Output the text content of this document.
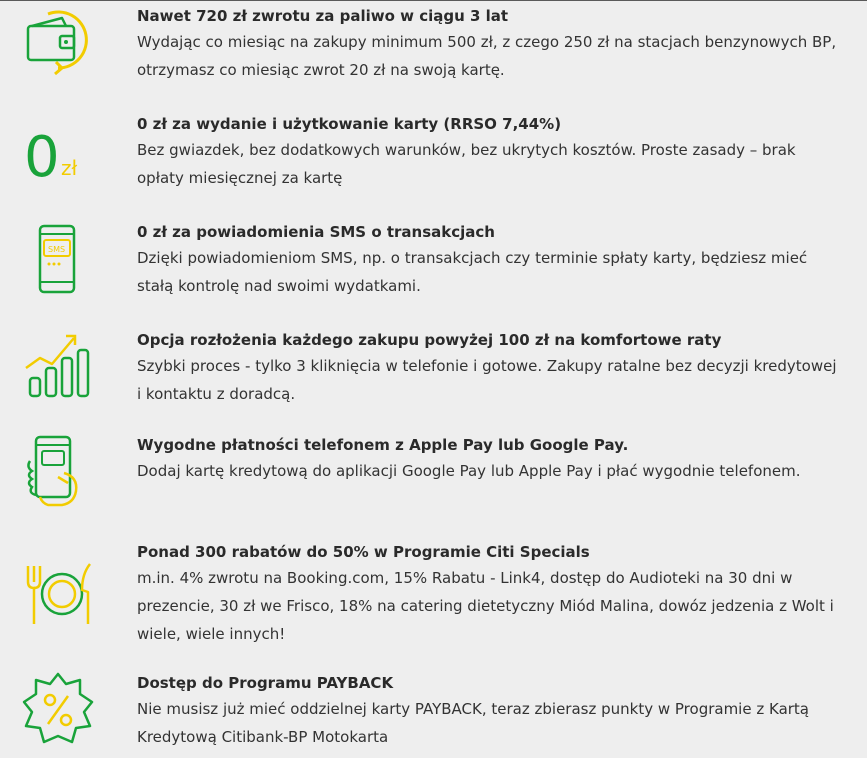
Nawet 720 zł zwrotu za paliwo w ciągu 3 lat

Wydając co miesiąc na zakupy minimum 500 zł, z czego 250 zł na stacjach benzynowych BP, otrzymasz co miesiąc zwrot 20 zł na swoją kartę.

0 zł

0 zł za wydanie i użytkowanie karty (RRSO 7,44%)

Bez gwiazdek, bez dodatkowych warunków, bez ukrytych kosztów. Proste zasady – brak opłaty miesięcznej za kartę

SMS

0 zł za powiadomienia SMS o transakcjach

Dzięki powiadomieniom SMS, np. o transakcjach czy terminie spłaty karty, będziesz mieć stałą kontrolę nad swoimi wydatkami.

Opcja rozłożenia każdego zakupu powyżej 100 zł na komfortowe raty

Szybki proces - tylko 3 kliknięcia w telefonie i gotowe. Zakupy ratalne bez decyzji kredytowej i kontaktu z doradcą.

Wygodne płatności telefonem z Apple Pay lub Google Pay.

Dodaj kartę kredytową do aplikacji Google Pay lub Apple Pay i płać wygodnie telefonem.

Ponad 300 rabatów do 50% w Programie Citi Specials

m.in. 4% zwrotu na Booking.com, 15% Rabatu - Link4, dostęp do Audioteki na 30 dni w prezencie, 30 zł we Frisco, 18% na catering dietetyczny Miód Malina, dowóz jedzenia z Wolt i wiele, wiele innych!

Dostęp do Programu PAYBACK

Nie musisz już mieć oddzielnej karty PAYBACK, teraz zbierasz punkty w Programie z Kartą Kredytową Citibank-BP Motokarta
